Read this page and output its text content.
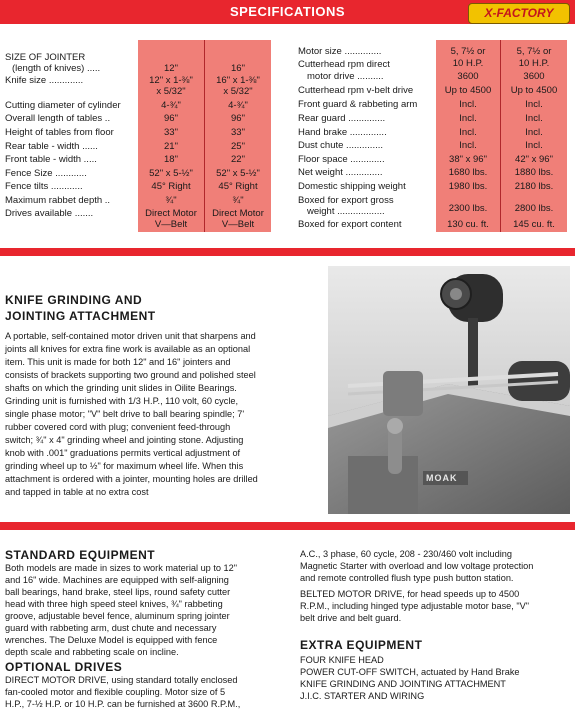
SPECIFICATIONS	X-FACTORY
SIZE OF JOINTER
(length of knives) .....
Knife size .............
Cutting diameter of cylinder
Overall length of tables ..
Height of tables from floor
Rear table - width ......
Front table - width .....
Fence Size ............
Fence tilts ............
Maximum rabbet depth ..
Drives available .......
12"
12" x 1-⅜"
x 5/32"
4-¾"
96"
33"
21"
18"
52" x 5-½"
45° Right
¾"
Direct Motor
V—Belt
16"
16" x 1-⅜"
x 5/32"
4-¾"
96"
33"
25"
22"
52" x 5-½"
45° Right
¾"
Direct Motor
V—Belt
Motor size ..............
Cutterhead rpm direct
motor drive ..........
Cutterhead rpm v-belt drive
Front guard & rabbeting arm
Rear guard ..............
Hand brake ..............
Dust chute ..............
Floor space .............
Net weight ..............
Domestic shipping weight
Boxed for export gross
weight ..................
Boxed for export content
5, 7½ or
10 H.P.
3600
Up to 4500
Incl.
Incl.
Incl.
Incl.
38" x 96"
1680 lbs.
1980 lbs.
2300 lbs.
130 cu. ft.
5, 7½ or
10 H.P.
3600
Up to 4500
Incl.
Incl.
Incl.
Incl.
42" x 96"
1880 lbs.
2180 lbs.
2800 lbs.
145 cu. ft.
KNIFE GRINDING AND
JOINTING ATTACHMENT
A portable, self-contained motor driven unit that sharpens and
joints all knives for extra fine work is available as an optional
item. This unit is made for both 12" and 16" jointers and
consists of brackets supporting two ground and polished steel
shafts on which the grinding unit slides in Oilite Bearings.
Grinding unit is furnished with 1/3 H.P., 110 volt, 60 cycle,
single phase motor; "V" belt drive to ball bearing spindle; 7'
rubber covered cord with plug; convenient feed-through
switch; ¾" x 4" grinding wheel and jointing stone. Adjusting
knob with .001" graduations permits vertical adjustment of
grinding wheel up to ½" for maximum wheel life. When this
attachment is ordered with a jointer, mounting holes are drilled
and tapped in table at no extra cost
MOAK
STANDARD EQUIPMENT
Both models are made in sizes to work material up to 12"
and 16" wide. Machines are equipped with self-aligning
ball bearings, hand brake, steel lips, round safety cutter
head with three high speed steel knives, ¾" rabbeting
groove, adjustable bevel fence, aluminum spring jointer
guard with rabbeting arm, dust chute and necessary
wrenches. The Deluxe Model is equipped with fence
depth scale and rabbeting scale on incline.
OPTIONAL DRIVES
DIRECT MOTOR DRIVE, using standard totally enclosed
fan-cooled motor and flexible coupling. Motor size of 5
H.P., 7-½ H.P. or 10 H.P. can be furnished at 3600 R.P.M.,
A.C., 3 phase, 60 cycle, 208 - 230/460 volt including
Magnetic Starter with overload and low voltage protection
and remote controlled flush type push button station.
BELTED MOTOR DRIVE, for head speeds up to 4500
R.P.M., including hinged type adjustable motor base, "V"
belt drive and belt guard.
EXTRA EQUIPMENT
FOUR KNIFE HEAD
POWER CUT-OFF SWITCH, actuated by Hand Brake
KNIFE GRINDING AND JOINTING ATTACHMENT
J.I.C. STARTER AND WIRING
